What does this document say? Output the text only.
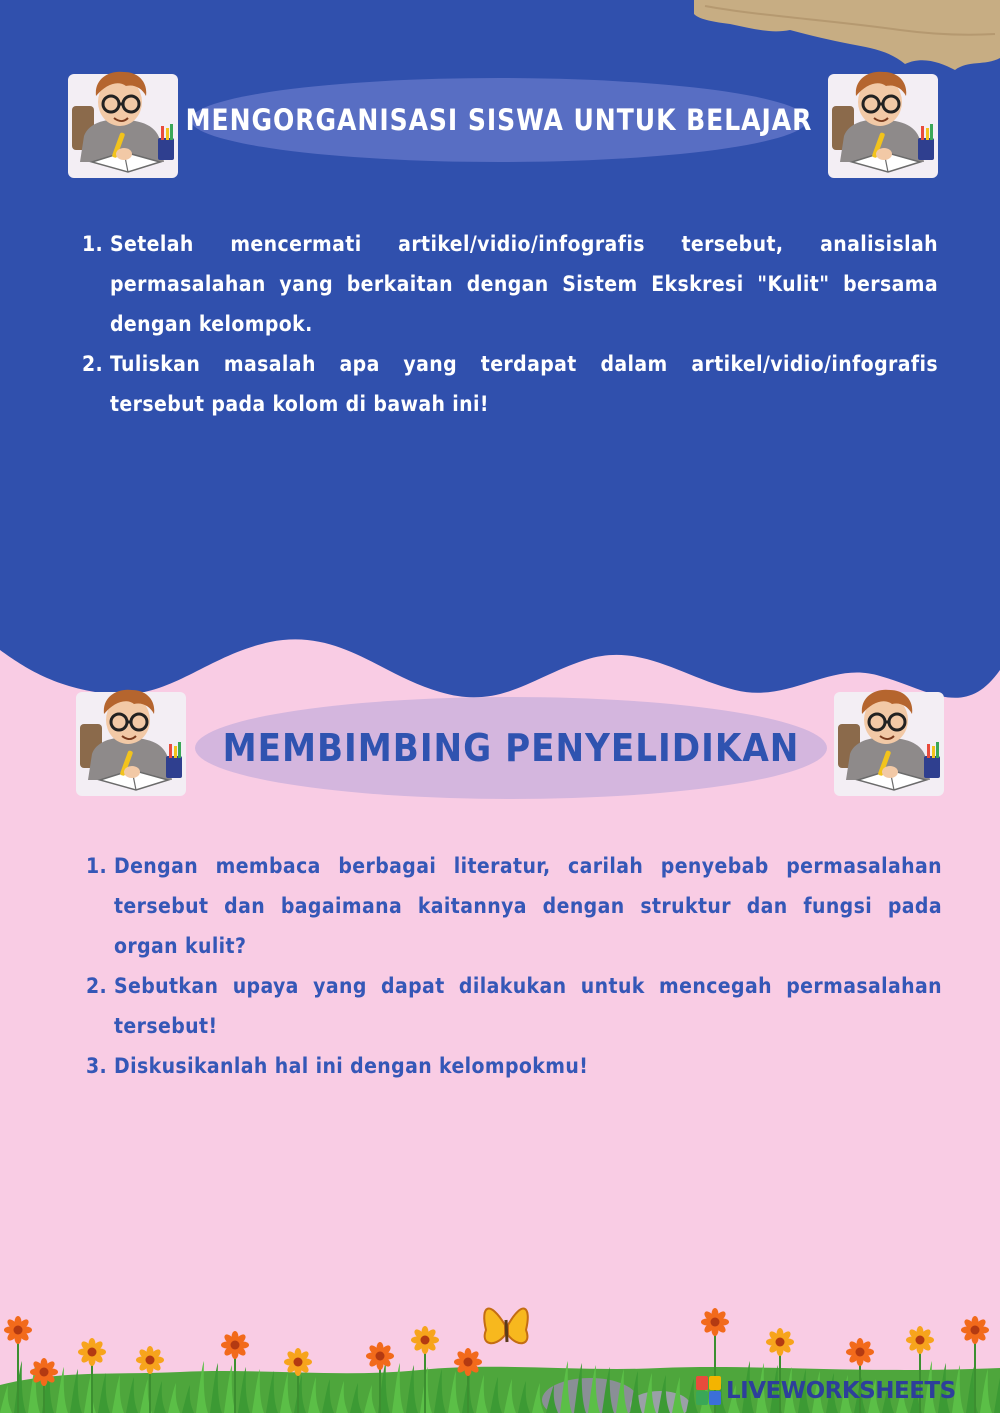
MENGORGANISASI SISWA UNTUK BELAJAR
1. Setelah mencermati artikel/vidio/infografis tersebut, analisislah permasalahan yang berkaitan dengan Sistem Ekskresi "Kulit" bersama dengan kelompok.
2. Tuliskan masalah apa yang terdapat dalam artikel/vidio/infografis tersebut pada kolom di bawah ini!
MEMBIMBING PENYELIDIKAN
1. Dengan membaca berbagai literatur, carilah penyebab permasalahan tersebut dan bagaimana kaitannya dengan struktur dan fungsi pada organ kulit?
2. Sebutkan upaya yang dapat dilakukan untuk mencegah permasalahan tersebut!
3. Diskusikanlah hal ini dengan kelompokmu!
LIVEWORKSHEETS
